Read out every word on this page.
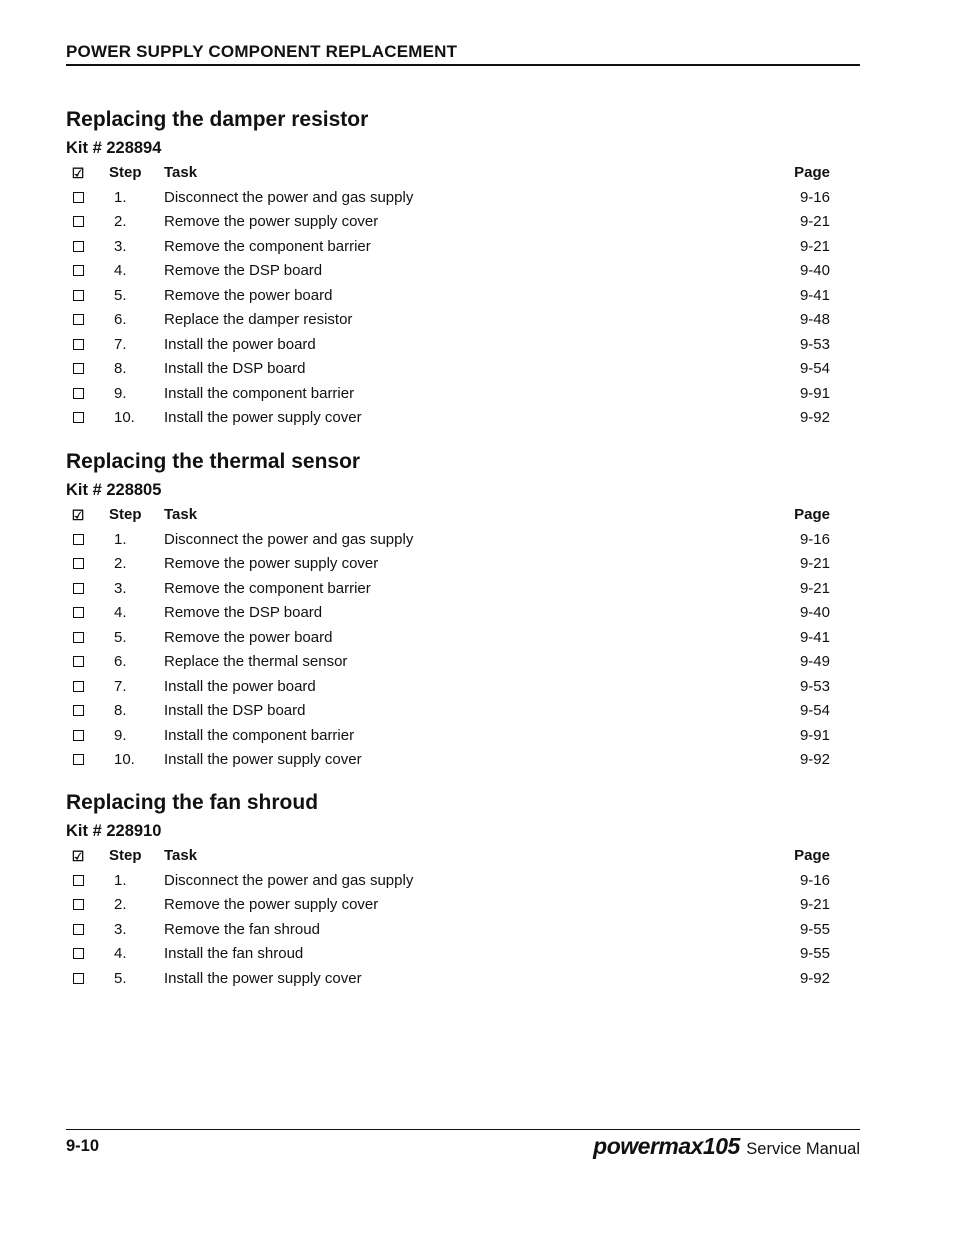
POWER SUPPLY COMPONENT REPLACEMENT
Replacing the damper resistor
Kit # 228894
☑ Step Task	Page
1. Disconnect the power and gas supply	9-16
2. Remove the power supply cover	9-21
3. Remove the component barrier	9-21
4. Remove the DSP board	9-40
5. Remove the power board	9-41
6. Replace the damper resistor	9-48
7. Install the power board	9-53
8. Install the DSP board	9-54
9. Install the component barrier	9-91
10. Install the power supply cover	9-92
Replacing the thermal sensor
Kit # 228805
☑ Step Task	Page
1. Disconnect the power and gas supply	9-16
2. Remove the power supply cover	9-21
3. Remove the component barrier	9-21
4. Remove the DSP board	9-40
5. Remove the power board	9-41
6. Replace the thermal sensor	9-49
7. Install the power board	9-53
8. Install the DSP board	9-54
9. Install the component barrier	9-91
10. Install the power supply cover	9-92
Replacing the fan shroud
Kit # 228910
☑ Step Task	Page
1. Disconnect the power and gas supply	9-16
2. Remove the power supply cover	9-21
3. Remove the fan shroud	9-55
4. Install the fan shroud	9-55
5. Install the power supply cover	9-92
9-10	powermax105 Service Manual
